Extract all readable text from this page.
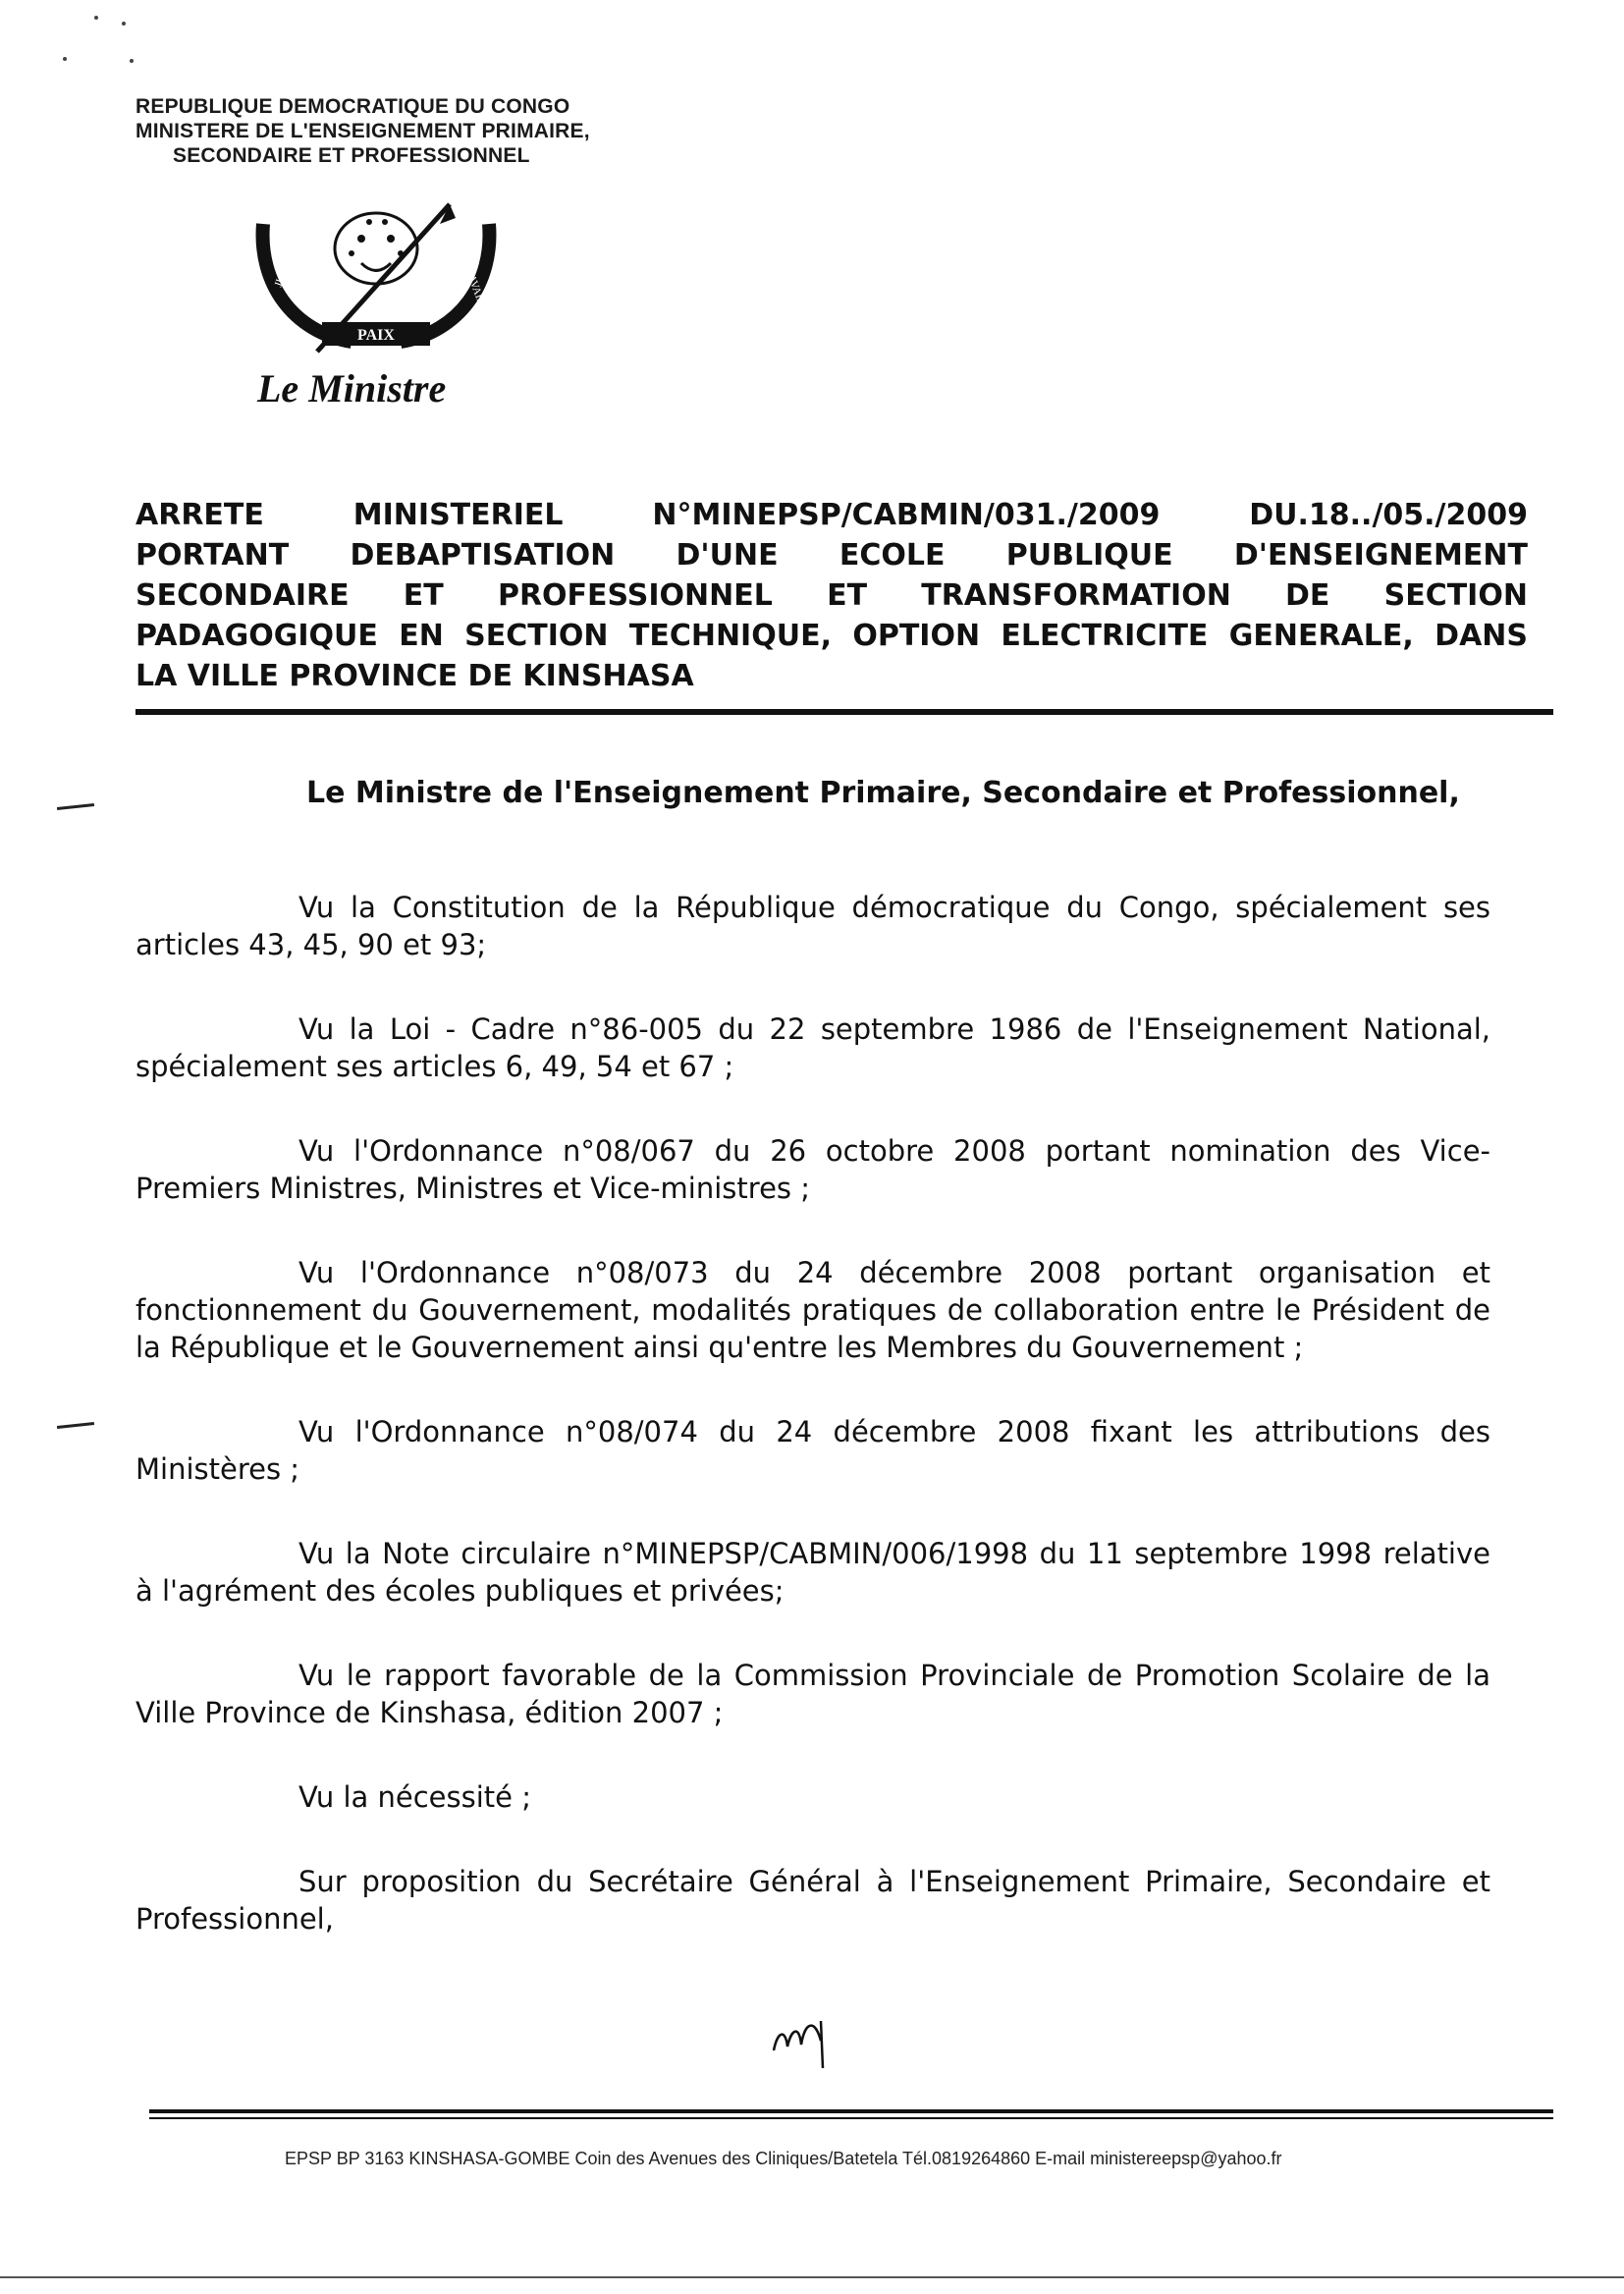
REPUBLIQUE DEMOCRATIQUE DU CONGO
MINISTERE DE L'ENSEIGNEMENT PRIMAIRE,
SECONDAIRE ET PROFESSIONNEL
PAIX
JUSTICE	TRAVAIL
Le Ministre
ARRETE	MINISTERIEL	N°MINEPSP/CABMIN/031./2009	DU.18../05./2009
PORTANT DEBAPTISATION D'UNE ECOLE PUBLIQUE D'ENSEIGNEMENT
SECONDAIRE ET PROFESSIONNEL ET TRANSFORMATION DE SECTION
PADAGOGIQUE EN SECTION TECHNIQUE, OPTION ELECTRICITE GENERALE, DANS
LA VILLE PROVINCE DE KINSHASA
Le Ministre de l'Enseignement Primaire, Secondaire et Professionnel,

Vu la Constitution de la République démocratique du Congo, spécialement ses articles 43, 45, 90 et 93;

Vu la Loi - Cadre n°86-005 du 22 septembre 1986 de l'Enseignement National, spécialement ses articles 6, 49, 54 et 67 ;

Vu l'Ordonnance n°08/067 du 26 octobre 2008 portant nomination des Vice-Premiers Ministres, Ministres et Vice-ministres ;

Vu l'Ordonnance n°08/073 du 24 décembre 2008 portant organisation et fonctionnement du Gouvernement, modalités pratiques de collaboration entre le Président de la République et le Gouvernement ainsi qu'entre les Membres du Gouvernement ;

Vu l'Ordonnance n°08/074 du 24 décembre 2008 fixant les attributions des Ministères ;

Vu la Note circulaire n°MINEPSP/CABMIN/006/1998 du 11 septembre 1998 relative à l'agrément des écoles publiques et privées;

Vu le rapport favorable de la Commission Provinciale de Promotion Scolaire de la Ville Province de Kinshasa, édition 2007 ;

Vu la nécessité ;

Sur proposition du Secrétaire Général à l'Enseignement Primaire, Secondaire et Professionnel,

EPSP BP 3163 KINSHASA-GOMBE Coin des Avenues des Cliniques/Batetela Tél.0819264860 E-mail ministereepsp@yahoo.fr
